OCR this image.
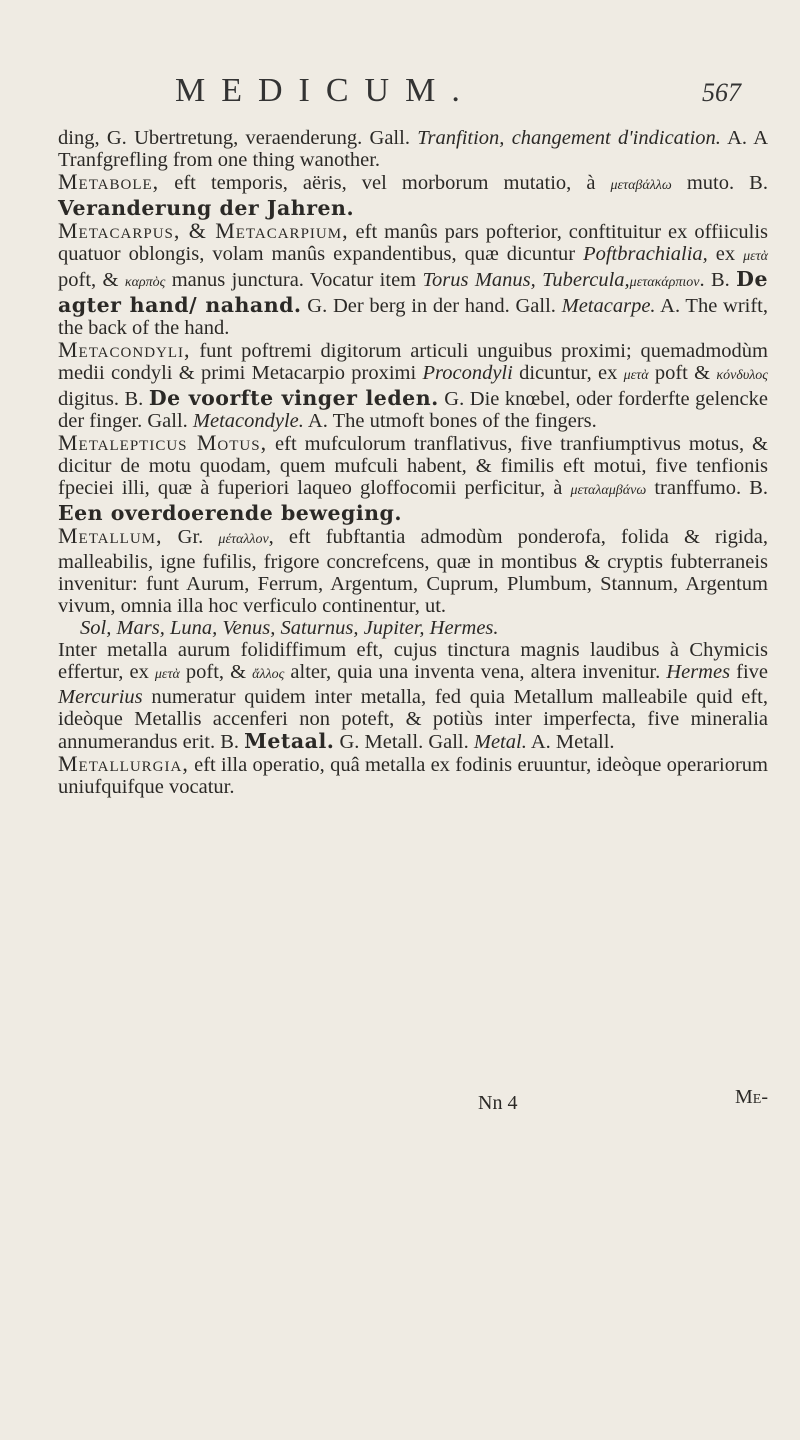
MEDICUM.	567

ding, G. Ubertretung, veraenderung. Gall. Tranfition, changement d'indication. A. A Tranfgrefling from one thing wanother.

Metabole, eft temporis, aëris, vel morborum mutatio, à μεταβάλλω muto. B. Veranderung der Jahren.

Metacarpus, & Metacarpium, eft manûs pars pofterior, conftituitur ex offiiculis quatuor oblongis, volam manûs expandentibus, quæ dicuntur Poftbrachialia, ex μετὰ poft, & καρπὸς manus junctura. Vocatur item Torus Manus, Tubercula,μετακάρπιον. B. De agter hand/ nahand. G. Der berg in der hand. Gall. Metacarpe. A. The wrift, the back of the hand.

Metacondyli, funt poftremi digitorum articuli unguibus proximi; quemadmodùm medii condyli & primi Metacarpio proximi Procondyli dicuntur, ex μετὰ poft & κόνδυλος digitus. B. De voorfte vinger leden. G. Die knœbel, oder forderfte gelencke der finger. Gall. Metacondyle. A. The utmoft bones of the fingers.

Metalepticus Motus, eft mufculorum tranflativus, five tranfiumptivus motus, & dicitur de motu quodam, quem mufculi habent, & fimilis eft motui, five tenfionis fpeciei illi, quæ à fuperiori laqueo gloffocomii perficitur, à μεταλαμβάνω tranffumo. B. Een overdoerende beweging.

Metallum, Gr. μέταλλον, eft fubftantia admodùm ponderofa, folida & rigida, malleabilis, igne fufilis, frigore concrefcens, quæ in montibus & cryptis fubterraneis invenitur: funt Aurum, Ferrum, Argentum, Cuprum, Plumbum, Stannum, Argentum vivum, omnia illa hoc verficulo continentur, ut.

Sol, Mars, Luna, Venus, Saturnus, Jupiter, Hermes.

Inter metalla aurum folidiffimum eft, cujus tinctura magnis laudibus à Chymicis effertur, ex μετὰ poft, & ἄλλος alter, quia una inventa vena, altera invenitur. Hermes five Mercurius numeratur quidem inter metalla, fed quia Metallum malleabile quid eft, ideòque Metallis accenferi non poteft, & potiùs inter imperfecta, five mineralia annumerandus erit. B. Metaal. G. Metall. Gall. Metal. A. Metall.

Metallurgia, eft illa operatio, quâ metalla ex fodinis eruuntur, ideòque operariorum uniufquifque vocatur.

Nn 4	Me-
